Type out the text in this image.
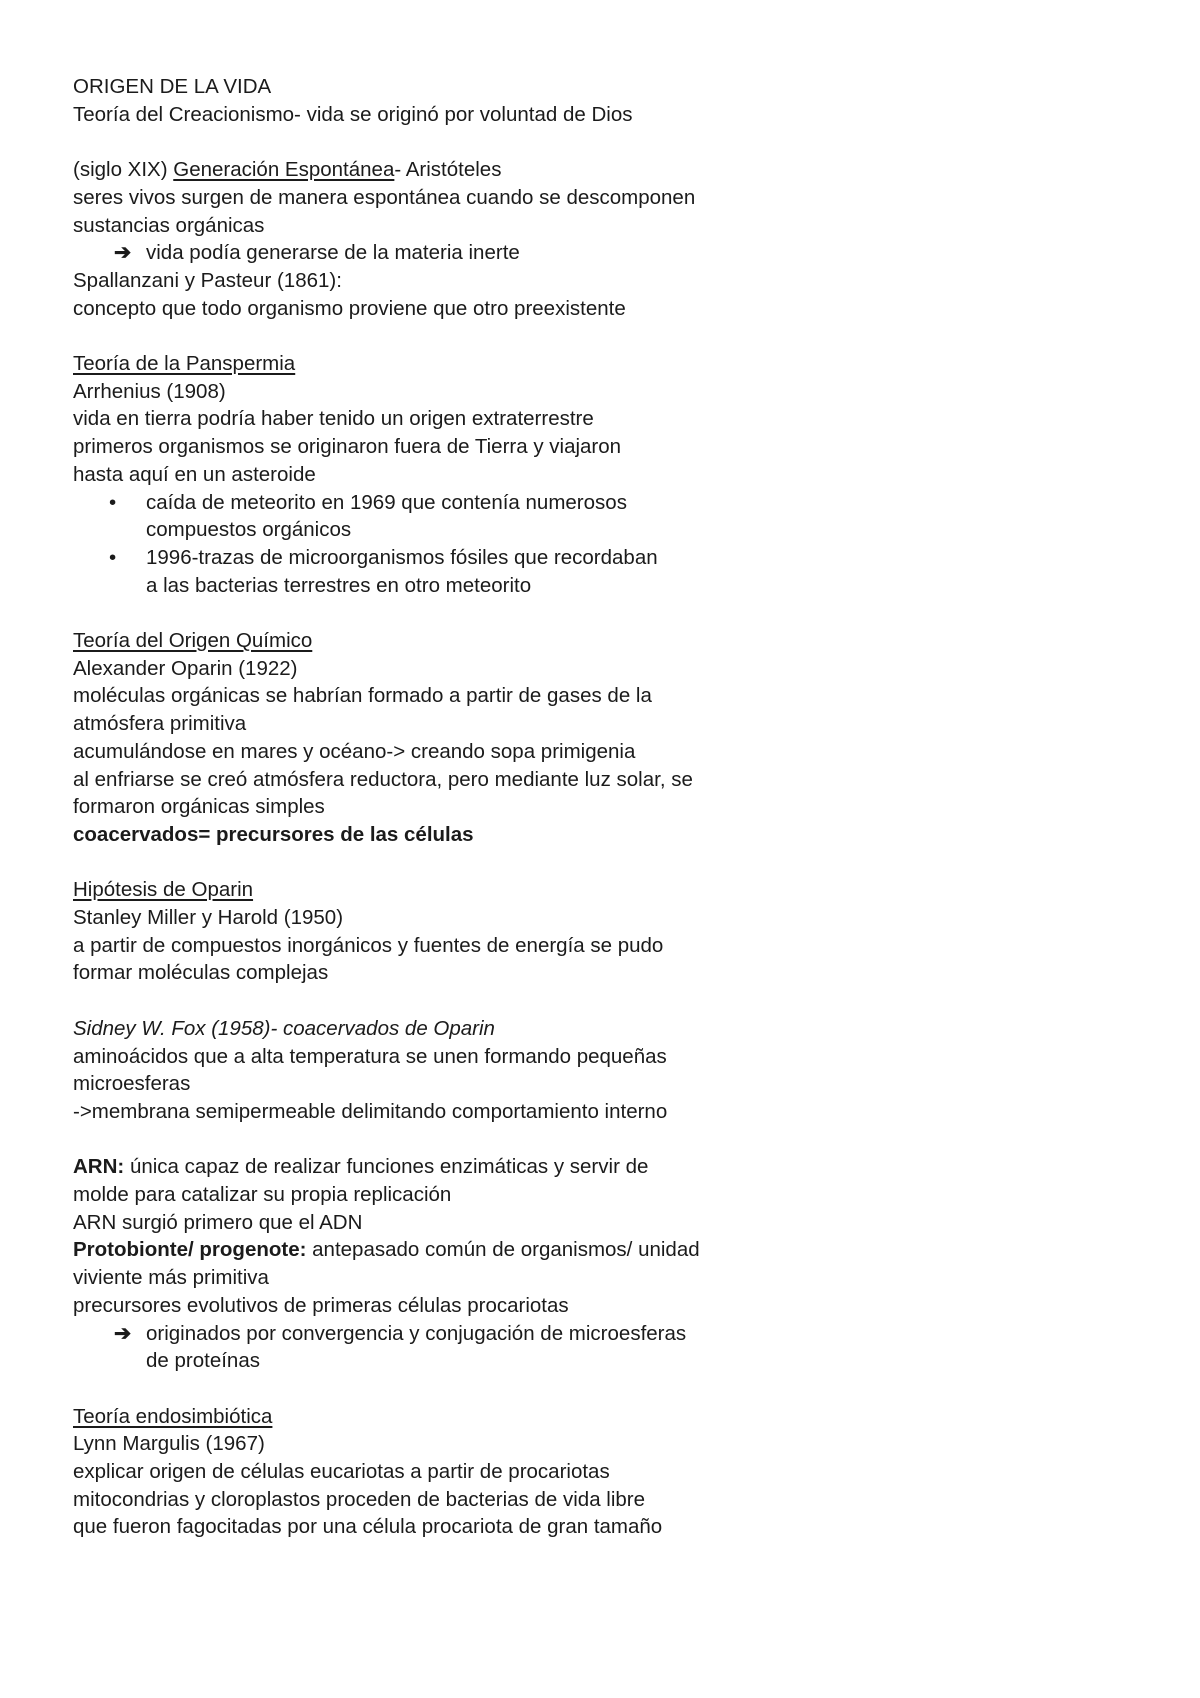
ORIGEN DE LA VIDA
Teoría del Creacionismo- vida se originó por voluntad de Dios
(siglo XIX) Generación Espontánea- Aristóteles
seres vivos surgen de manera espontánea cuando se descomponen
sustancias orgánicas
➔ vida podía generarse de la materia inerte
Spallanzani y Pasteur (1861):
concepto que todo organismo proviene que otro preexistente
Teoría de la Panspermia
Arrhenius (1908)
vida en tierra podría haber tenido un origen extraterrestre
primeros organismos se originaron fuera de Tierra y viajaron
hasta aquí en un asteroide
• caída de meteorito en 1969 que contenía numerosos
compuestos orgánicos
• 1996-trazas de microorganismos fósiles que recordaban
a las bacterias terrestres en otro meteorito
Teoría del Origen Químico
Alexander Oparin (1922)
moléculas orgánicas se habrían formado a partir de gases de la
atmósfera primitiva
acumulándose en mares y océano-> creando sopa primigenia
al enfriarse se creó atmósfera reductora, pero mediante luz solar, se
formaron orgánicas simples
coacervados= precursores de las células
Hipótesis de Oparin
Stanley Miller y Harold (1950)
a partir de compuestos inorgánicos y fuentes de energía se pudo
formar moléculas complejas
Sidney W. Fox (1958)- coacervados de Oparin
aminoácidos que a alta temperatura se unen formando pequeñas
microesferas
->membrana semipermeable delimitando comportamiento interno
ARN: única capaz de realizar funciones enzimáticas y servir de
molde para catalizar su propia replicación
ARN surgió primero que el ADN
Protobionte/ progenote: antepasado común de organismos/ unidad
viviente más primitiva
precursores evolutivos de primeras células procariotas
➔ originados por convergencia y conjugación de microesferas
de proteínas
Teoría endosimbiótica
Lynn Margulis (1967)
explicar origen de células eucariotas a partir de procariotas
mitocondrias y cloroplastos proceden de bacterias de vida libre
que fueron fagocitadas por una célula procariota de gran tamaño
